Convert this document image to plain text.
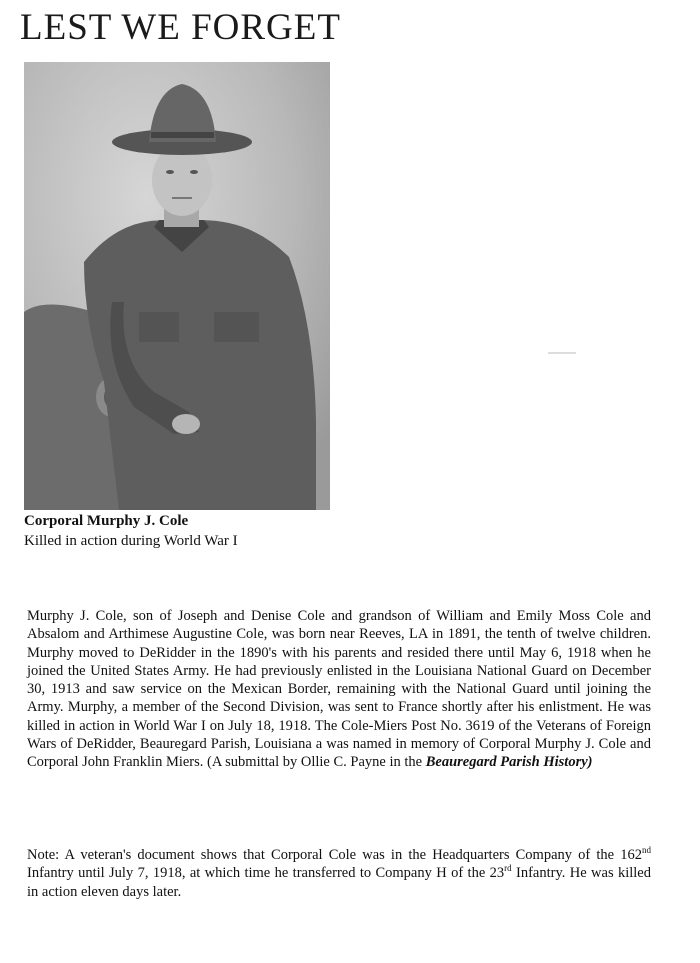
LEST WE FORGET

Corporal Murphy J. Cole

Killed in action during World War I

Murphy J. Cole, son of Joseph and Denise Cole and grandson of William and Emily Moss Cole and Absalom and Arthimese Augustine Cole, was born near Reeves, LA in 1891, the tenth of twelve children. Murphy moved to DeRidder in the 1890's with his parents and resided there until May 6, 1918 when he joined the United States Army. He had previously enlisted in the Louisiana National Guard on December 30, 1913 and saw service on the Mexican Border, remaining with the National Guard until joining the Army. Murphy, a member of the Second Division, was sent to France shortly after his enlistment. He was killed in action in World War I on July 18, 1918. The Cole-Miers Post No. 3619 of the Veterans of Foreign Wars of DeRidder, Beauregard Parish, Louisiana a was named in memory of Corporal Murphy J. Cole and Corporal John Franklin Miers. (A submittal by Ollie C. Payne in the Beauregard Parish History)

Note: A veteran's document shows that Corporal Cole was in the Headquarters Company of the 162nd Infantry until July 7, 1918, at which time he transferred to Company H of the 23rd Infantry. He was killed in action eleven days later.
